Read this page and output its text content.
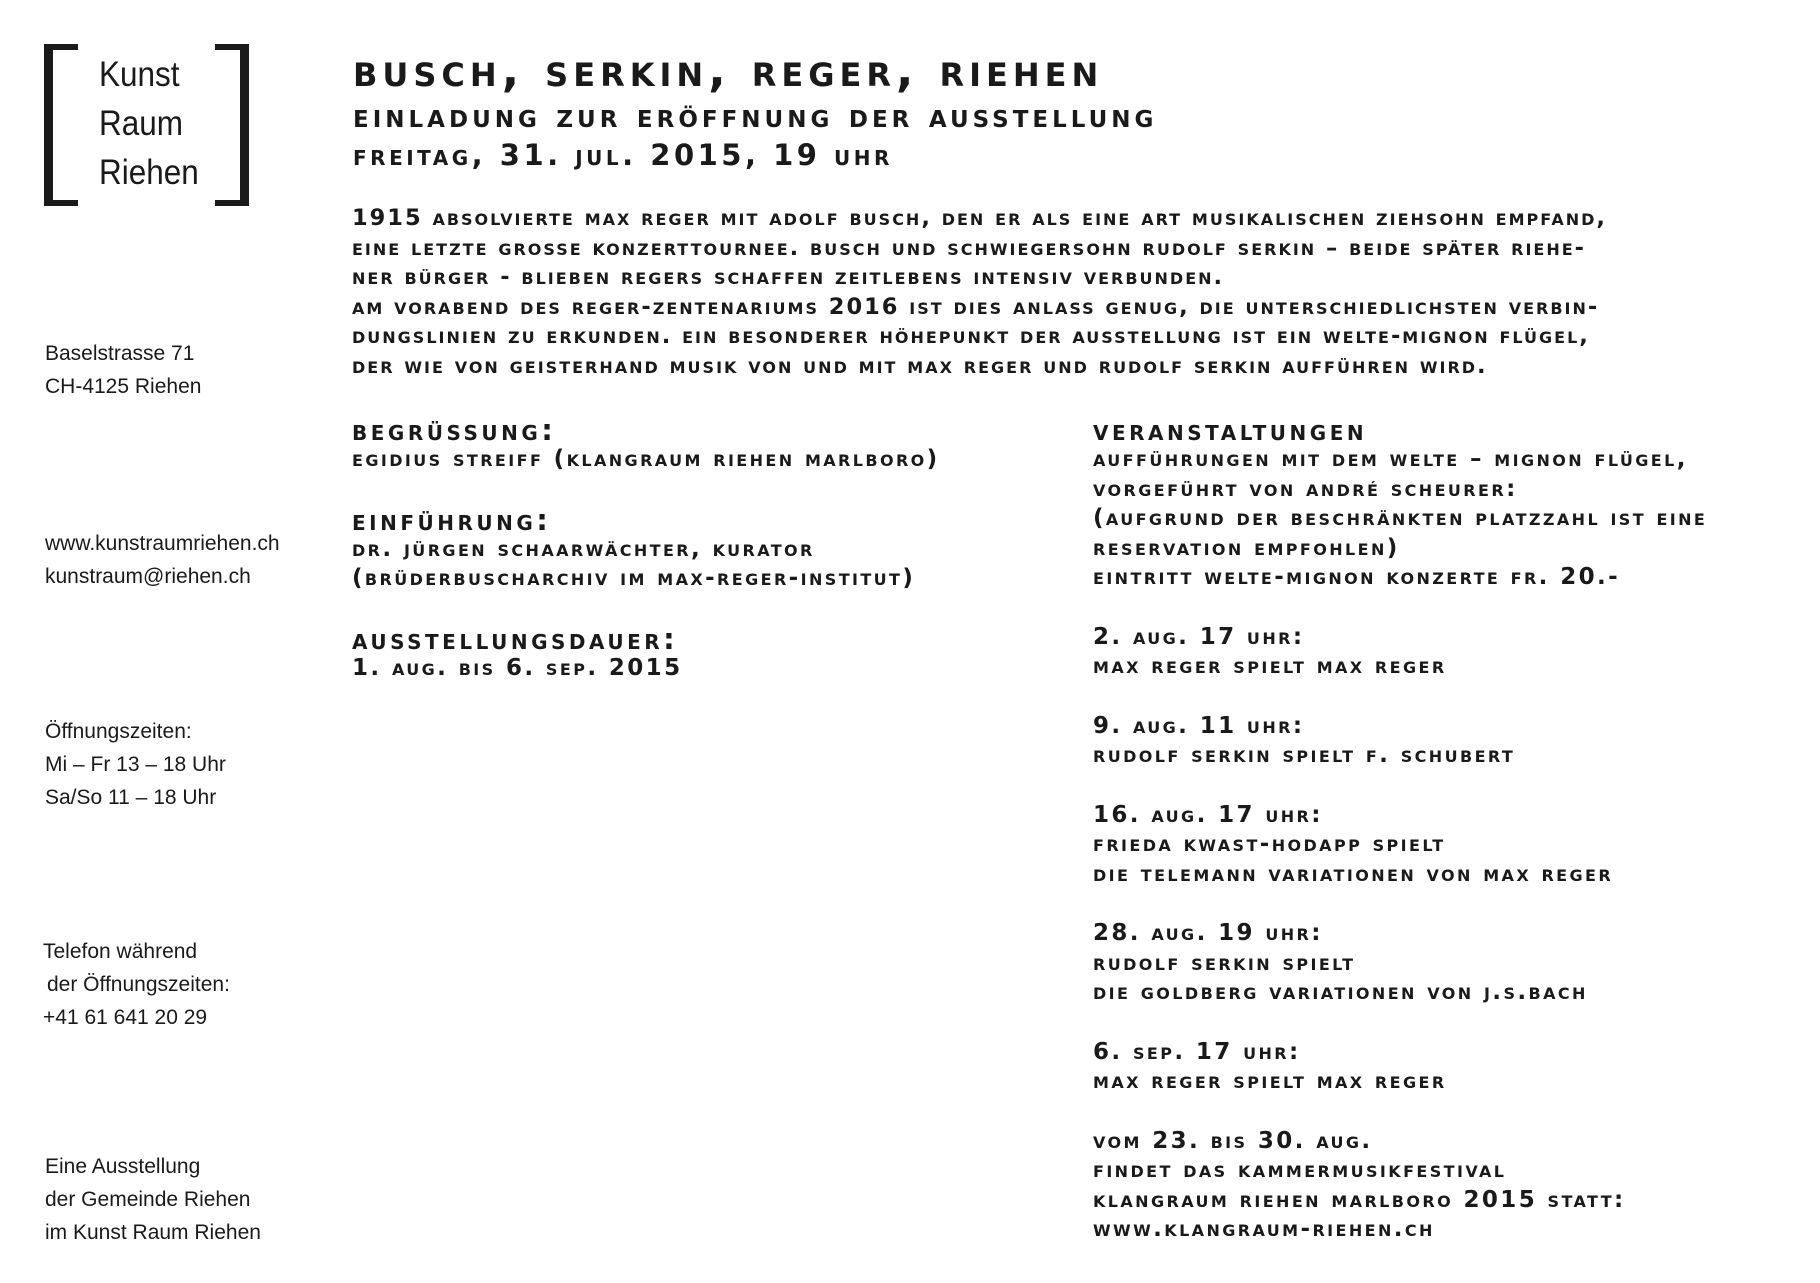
Kunst
Raum
Riehen
Baselstrasse 71
CH-4125 Riehen
www.kunstraumriehen.ch
kunstraum@riehen.ch
Öffnungszeiten:
Mi – Fr 13 – 18 Uhr
Sa/So 11 – 18 Uhr
Telefon während
der Öffnungszeiten:
+41 61 641 20 29
Eine Ausstellung
der Gemeinde Riehen
im Kunst Raum Riehen
busch, serkin, reger, riehen
einladung zur eröffnung der ausstellung
freitag, 31. jul. 2015, 19 uhr
1915 absolvierte max reger mit adolf busch, den er als eine art musikalischen ziehsohn empfand,
eine letzte grosse konzerttournee. busch und schwiegersohn rudolf serkin – beide später riehe-
ner bürger - blieben regers schaffen zeitlebens intensiv verbunden.
am vorabend des reger-zentenariums 2016 ist dies anlass genug, die unterschiedlichsten verbin-
dungslinien zu erkunden. ein besonderer höhepunkt der ausstellung ist ein welte-mignon flügel,
der wie von geisterhand musik von und mit max reger und rudolf serkin aufführen wird.
begrüssung:
egidius streiff (klangraum riehen marlboro)
einführung:
dr. jürgen schaarwächter, kurator
(brüderbuscharchiv im max-reger-institut)
ausstellungsdauer:
1. aug. bis 6. sep. 2015
veranstaltungen
aufführungen mit dem welte – mignon flügel,
vorgeführt von andré scheurer:
(aufgrund der beschränkten platzzahl ist eine
reservation empfohlen)
eintritt welte-mignon konzerte fr. 20.-
2. aug. 17 uhr:
max reger spielt max reger
9. aug. 11 uhr:
rudolf serkin spielt f. schubert
16. aug. 17 uhr:
frieda kwast-hodapp spielt
die telemann variationen von max reger
28. aug. 19 uhr:
rudolf serkin spielt
die goldberg variationen von j.s.bach
6. sep. 17 uhr:
max reger spielt max reger
vom 23. bis 30. aug.
findet das kammermusikfestival
klangraum riehen marlboro 2015 statt:
www.klangraum-riehen.ch
